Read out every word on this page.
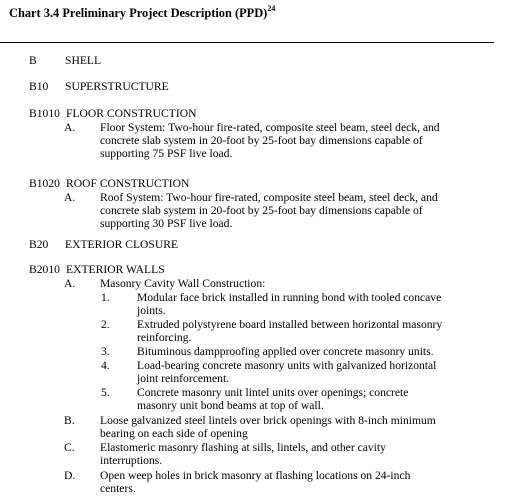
Chart 3.4 Preliminary Project Description (PPD)$^{24}$
B SHELL
B10 SUPERSTRUCTURE
B1010 FLOOR CONSTRUCTION
A. Floor System: Two-hour fire-rated, composite steel beam, steel deck, and
concrete slab system in 20-foot by 25-foot bay dimensions capable of
supporting 75 PSF live load.
B1020 ROOF CONSTRUCTION
A. Roof System: Two-hour fire-rated, composite steel beam, steel deck, and
concrete slab system in 20-foot by 25-foot bay dimensions capable of
supporting 30 PSF live load.
B20 EXTERIOR CLOSURE
B2010 EXTERIOR WALLS
A. Masonry Cavity Wall Construction:
1. Modular face brick installed in running bond with tooled concave
joints.
2. Extruded polystyrene board installed between horizontal masonry
reinforcing.
3. Bituminous dampproofing applied over concrete masonry units.
4. Load-bearing concrete masonry units with galvanized horizontal
joint reinforcement.
5. Concrete masonry unit lintel units over openings; concrete
masonry unit bond beams at top of wall.
B. Loose galvanized steel lintels over brick openings with 8-inch minimum
bearing on each side of opening
C. Elastomeric masonry flashing at sills, lintels, and other cavity
interruptions.
D. Open weep holes in brick masonry at flashing locations on 24-inch
centers.
